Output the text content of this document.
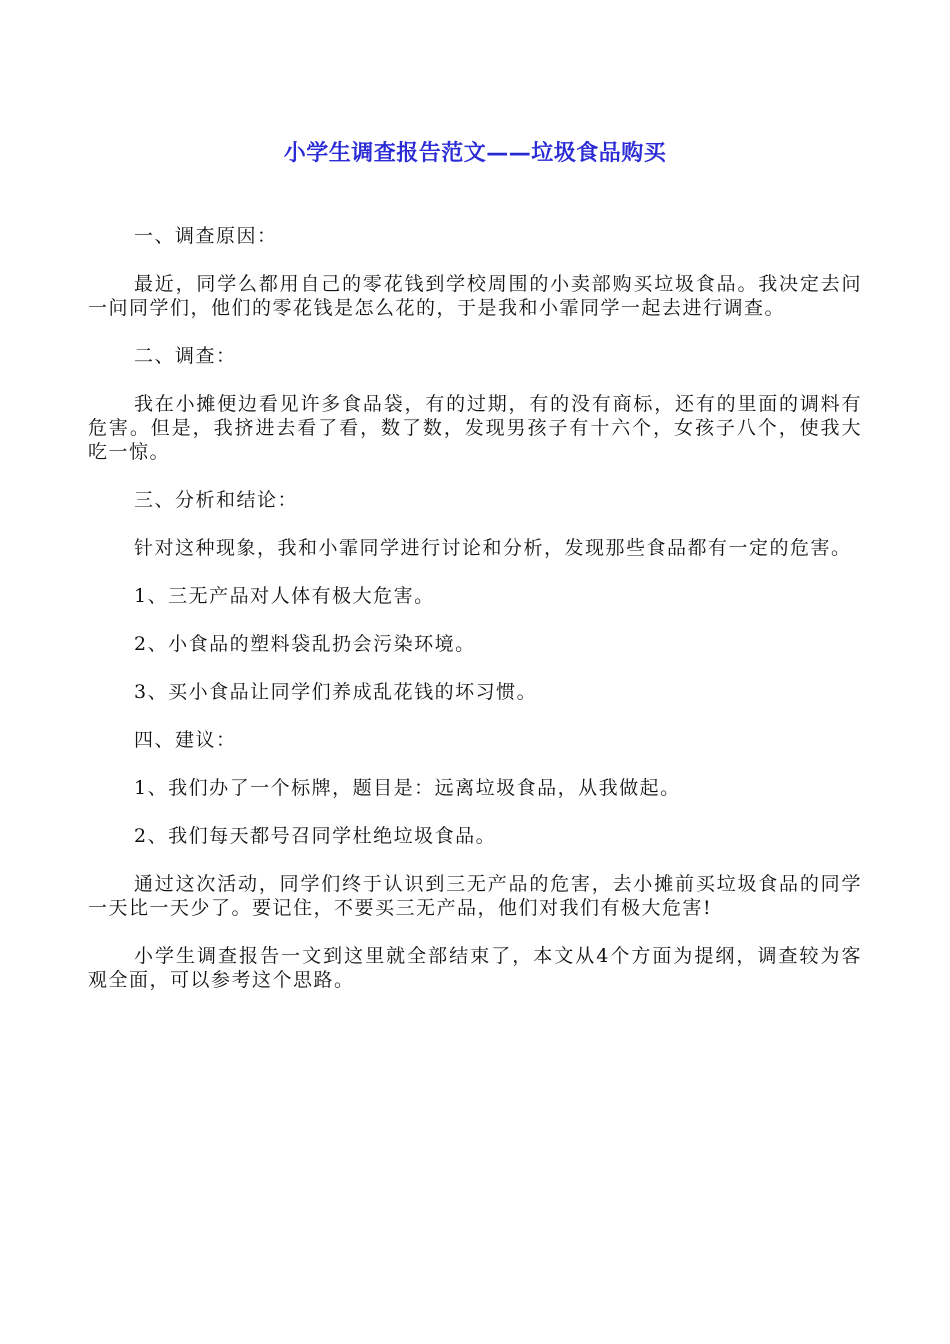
小学生调查报告范文——垃圾食品购买

一、调查原因：

最近，同学么都用自己的零花钱到学校周围的小卖部购买垃圾食品。我决定去问一问同学们，他们的零花钱是怎么花的，于是我和小霏同学一起去进行调查。

二、调查：

我在小摊便边看见许多食品袋，有的过期，有的没有商标，还有的里面的调料有危害。但是，我挤进去看了看，数了数，发现男孩子有十六个，女孩子八个，使我大吃一惊。

三、分析和结论：

针对这种现象，我和小霏同学进行讨论和分析，发现那些食品都有一定的危害。

1、三无产品对人体有极大危害。

2、小食品的塑料袋乱扔会污染环境。

3、买小食品让同学们养成乱花钱的坏习惯。

四、建议：

1、我们办了一个标牌，题目是：远离垃圾食品，从我做起。

2、我们每天都号召同学杜绝垃圾食品。

通过这次活动，同学们终于认识到三无产品的危害，去小摊前买垃圾食品的同学一天比一天少了。要记住，不要买三无产品，他们对我们有极大危害!

小学生调查报告一文到这里就全部结束了，本文从4个方面为提纲，调查较为客观全面，可以参考这个思路。
